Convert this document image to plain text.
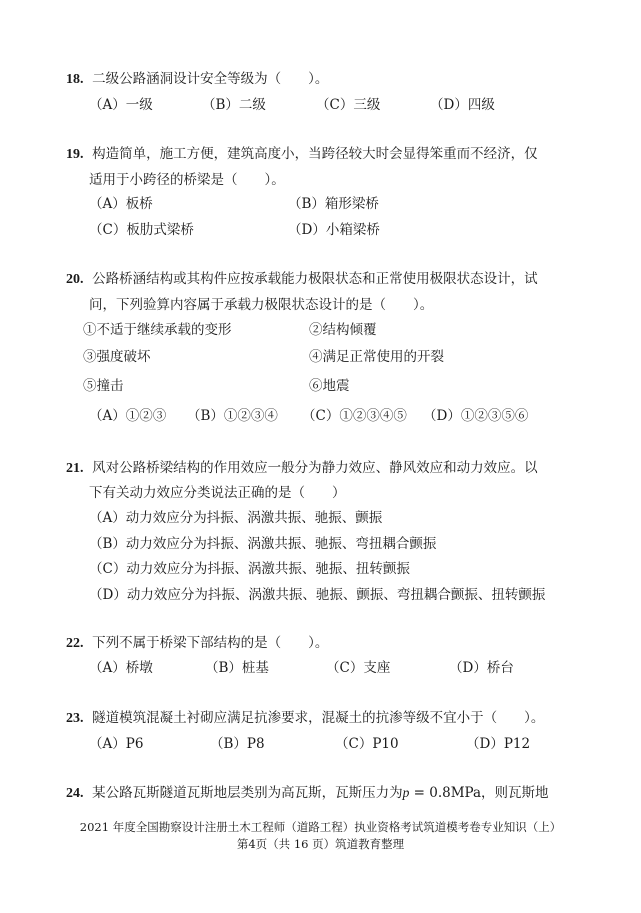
18. 二级公路涵洞设计安全等级为（　　）。
（A）一级	（B）二级	（C）三级	（D）四级
19. 构造简单，施工方便，建筑高度小，当跨径较大时会显得笨重而不经济，仅
适用于小跨径的桥梁是（　　）。
（A）板桥	（B）箱形梁桥
（C）板肋式梁桥	（D）小箱梁桥
20. 公路桥涵结构或其构件应按承载能力极限状态和正常使用极限状态设计，试
问，下列验算内容属于承载力极限状态设计的是（　　）。
①不适于继续承载的变形	②结构倾覆
③强度破坏	④满足正常使用的开裂
⑤撞击	⑥地震
（A）①②③ （B）①②③④ （C）①②③④⑤ （D）①②③⑤⑥
21. 风对公路桥梁结构的作用效应一般分为静力效应、静风效应和动力效应。以
下有关动力效应分类说法正确的是（　　）
（A）动力效应分为抖振、涡激共振、驰振、颤振
（B）动力效应分为抖振、涡激共振、驰振、弯扭耦合颤振
（C）动力效应分为抖振、涡激共振、驰振、扭转颤振
（D）动力效应分为抖振、涡激共振、驰振、颤振、弯扭耦合颤振、扭转颤振
22. 下列不属于桥梁下部结构的是（　　）。
（A）桥墩	（B）桩基	（C）支座	（D）桥台
23. 隧道模筑混凝土衬砌应满足抗渗要求，混凝土的抗渗等级不宜小于（　　）。
（A）P6	（B）P8	（C）P10	（D）P12
24. 某公路瓦斯隧道瓦斯地层类别为高瓦斯，瓦斯压力为p = 0.8MPa，则瓦斯地
2021 年度全国勘察设计注册土木工程师（道路工程）执业资格考试筑道模考卷专业知识（上）
第4页（共 16 页）筑道教育整理
